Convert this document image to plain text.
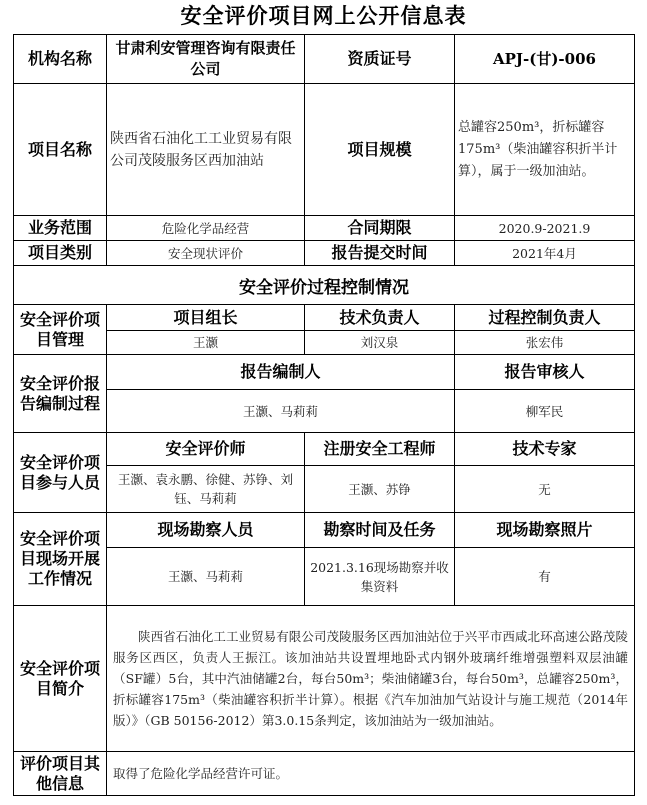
安全评价项目网上公开信息表
机构名称	甘肃利安管理咨询有限责任公司	资质证号	APJ-(甘)-006
项目名称	陕西省石油化工工业贸易有限公司茂陵服务区西加油站	项目规模	总罐容250m³，折标罐容175m³（柴油罐容积折半计算），属于一级加油站。
业务范围	危险化学品经营	合同期限	2020.9-2021.9
项目类别	安全现状评价	报告提交时间	2021年4月
安全评价过程控制情况			
安全评价项目管理	项目组长	技术负责人	过程控制负责人
	王灏	刘汉泉	张宏伟
安全评价报告编制过程	报告编制人		报告审核人
	王灏、马莉莉		柳军民
安全评价项目参与人员	安全评价师	注册安全工程师	技术专家
	王灏、袁永鹏、徐健、苏铮、刘钰、马莉莉	王灏、苏铮	无
安全评价项目现场开展工作情况	现场勘察人员	勘察时间及任务	现场勘察照片
	王灏、马莉莉	2021.3.16现场勘察并收集资料	有
安全评价项目简介	陕西省石油化工工业贸易有限公司茂陵服务区西加油站位于兴平市西咸北环高速公路茂陵服务区西区，负责人王振江。该加油站共设置埋地卧式内钢外玻璃纤维增强塑料双层油罐（SF罐）5台，其中汽油储罐2台，每台50m³；柴油储罐3台，每台50m³，总罐容250m³，折标罐容175m³（柴油罐容积折半计算）。根据《汽车加油加气站设计与施工规范（2014年版）》（GB 50156-2012）第3.0.15条判定，该加油站为一级加油站。		
评价项目其他信息	取得了危险化学品经营许可证。		
